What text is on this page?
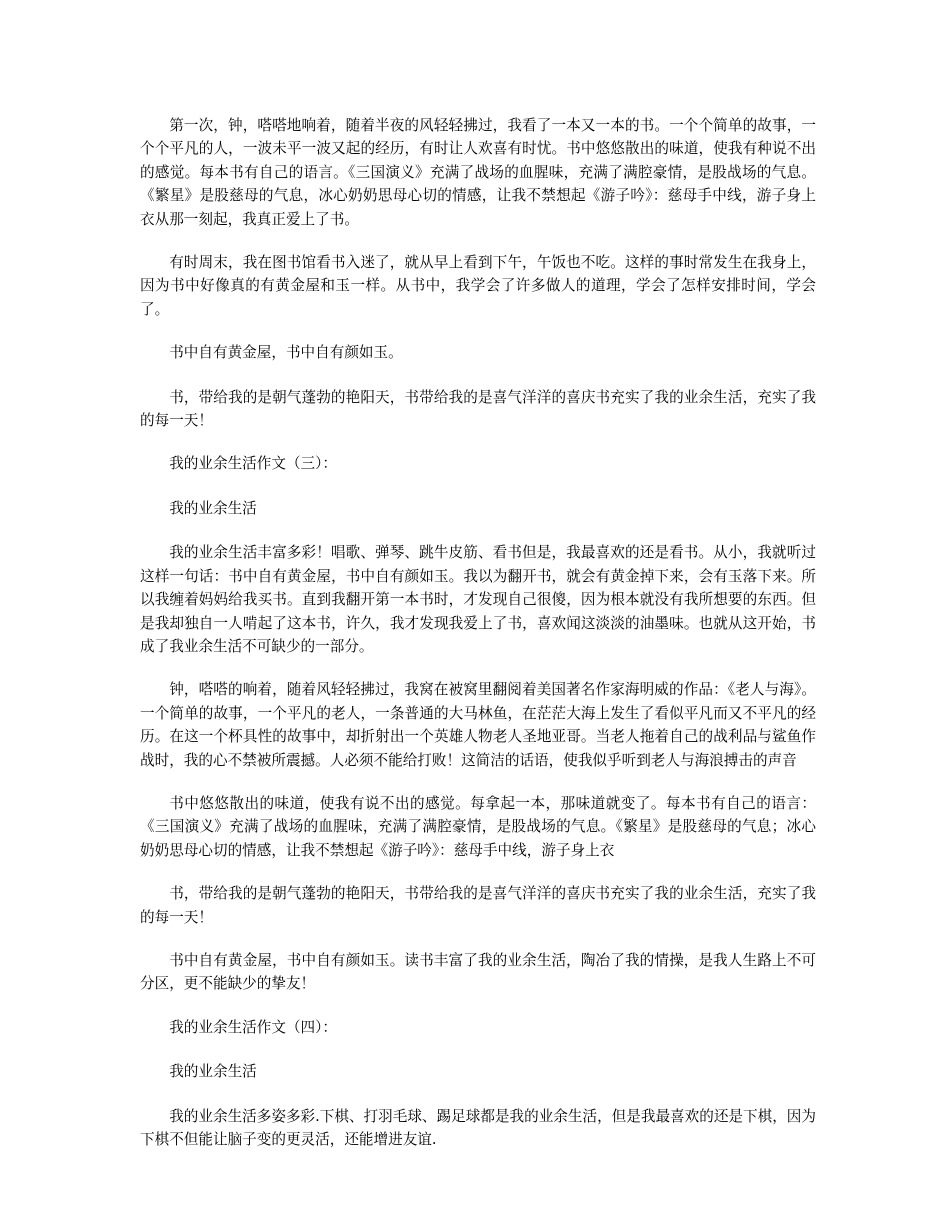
第一次，钟，嗒嗒地响着，随着半夜的风轻轻拂过，我看了一本又一本的书。一个个简单的故事，一个个平凡的人，一波未平一波又起的经历，有时让人欢喜有时忧。书中悠悠散出的味道，使我有种说不出的感觉。每本书有自己的语言。《三国演义》充满了战场的血腥味，充满了满腔豪情，是股战场的气息。《繁星》是股慈母的气息，冰心奶奶思母心切的情感，让我不禁想起《游子吟》：慈母手中线，游子身上衣从那一刻起，我真正爱上了书。

有时周末，我在图书馆看书入迷了，就从早上看到下午，午饭也不吃。这样的事时常发生在我身上，因为书中好像真的有黄金屋和玉一样。从书中，我学会了许多做人的道理，学会了怎样安排时间，学会了。

书中自有黄金屋，书中自有颜如玉。

书，带给我的是朝气蓬勃的艳阳天，书带给我的是喜气洋洋的喜庆书充实了我的业余生活，充实了我的每一天！

我的业余生活作文（三）：

我的业余生活

我的业余生活丰富多彩！唱歌、弹琴、跳牛皮筋、看书但是，我最喜欢的还是看书。从小，我就听过这样一句话：书中自有黄金屋，书中自有颜如玉。我以为翻开书，就会有黄金掉下来，会有玉落下来。所以我缠着妈妈给我买书。直到我翻开第一本书时，才发现自己很傻，因为根本就没有我所想要的东西。但是我却独自一人啃起了这本书，许久，我才发现我爱上了书，喜欢闻这淡淡的油墨味。也就从这开始，书成了我业余生活不可缺少的一部分。

钟，嗒嗒的响着，随着风轻轻拂过，我窝在被窝里翻阅着美国著名作家海明威的作品：《老人与海》。一个简单的故事，一个平凡的老人，一条普通的大马林鱼，在茫茫大海上发生了看似平凡而又不平凡的经历。在这一个杯具性的故事中，却折射出一个英雄人物老人圣地亚哥。当老人拖着自己的战利品与鲨鱼作战时，我的心不禁被所震撼。人必须不能给打败！这简洁的话语，使我似乎听到老人与海浪搏击的声音

书中悠悠散出的味道，使我有说不出的感觉。每拿起一本，那味道就变了。每本书有自己的语言：《三国演义》充满了战场的血腥味，充满了满腔豪情，是股战场的气息。《繁星》是股慈母的气息；冰心奶奶思母心切的情感，让我不禁想起《游子吟》：慈母手中线，游子身上衣

书，带给我的是朝气蓬勃的艳阳天，书带给我的是喜气洋洋的喜庆书充实了我的业余生活，充实了我的每一天！

书中自有黄金屋，书中自有颜如玉。读书丰富了我的业余生活，陶冶了我的情操，是我人生路上不可分区，更不能缺少的挚友！

我的业余生活作文（四）：

我的业余生活

我的业余生活多姿多彩.下棋、打羽毛球、踢足球都是我的业余生活，但是我最喜欢的还是下棋，因为下棋不但能让脑子变的更灵活，还能增进友谊.
